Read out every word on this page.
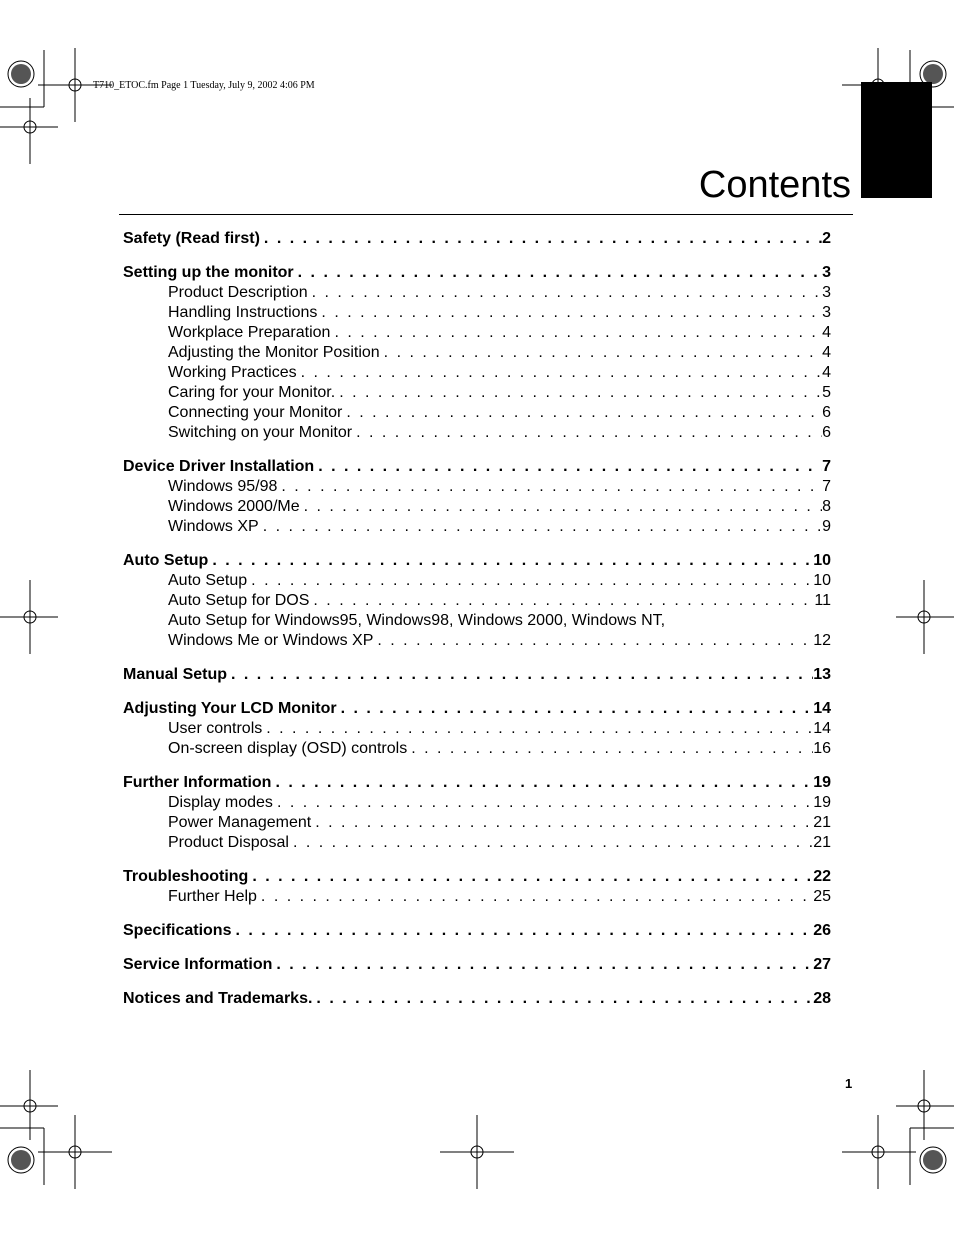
T710_ETOC.fm Page 1 Tuesday, July 9, 2002 4:06 PM
ENGLISH
Contents
Safety (Read first) . . .	2
Setting up the monitor . . .	3
Product Description . . .	3
Handling Instructions . . .	3
Workplace Preparation . . .	4
Adjusting the Monitor Position . . .	4
Working Practices . . .	4
Caring for your Monitor. . . .	5
Connecting your Monitor . . .	6
Switching on your Monitor . . .	6
Device Driver Installation . . .	7
Windows 95/98 . . .	7
Windows 2000/Me . . .	8
Windows XP . . .	9
Auto Setup . . .	10
Auto Setup . . .	10
Auto Setup for DOS . . .	11
Auto Setup for Windows95, Windows98, Windows 2000, Windows NT,
Windows Me or Windows XP . . .	12
Manual Setup . . .	13
Adjusting Your LCD Monitor . . .	14
User controls . . .	14
On-screen display (OSD) controls . . .	16
Further Information . . .	19
Display modes . . .	19
Power Management . . .	21
Product Disposal . . .	21
Troubleshooting . . .	22
Further Help . . .	25
Specifications . . .	26
Service Information . . .	27
Notices and Trademarks. . . .	28
1
